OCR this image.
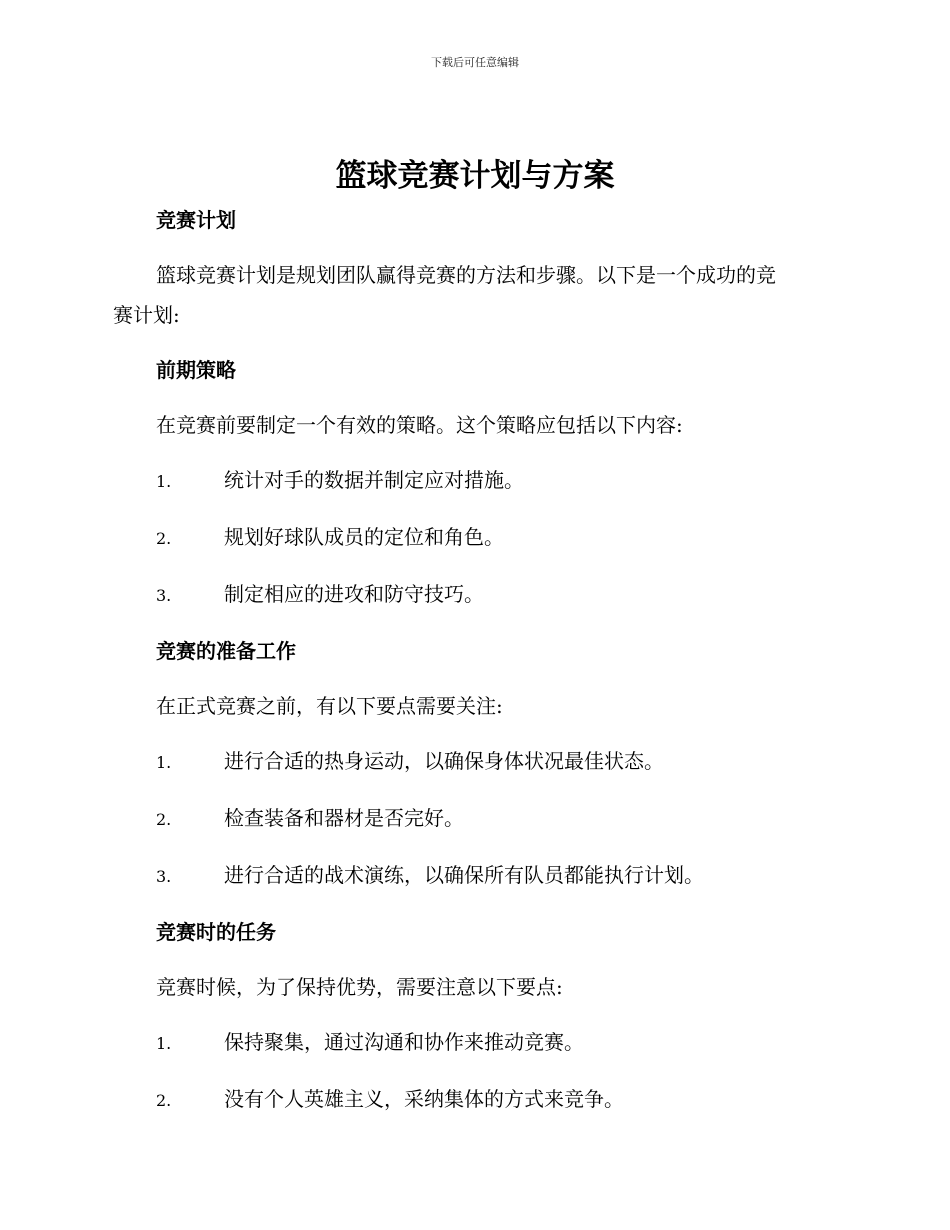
下载后可任意编辑
篮球竞赛计划与方案
竞赛计划
篮球竞赛计划是规划团队赢得竞赛的方法和步骤。以下是一个成功的竞
赛计划:
前期策略
在竞赛前要制定一个有效的策略。这个策略应包括以下内容:
1.	统计对手的数据并制定应对措施。
2.	规划好球队成员的定位和角色。
3.	制定相应的进攻和防守技巧。
竞赛的准备工作
在正式竞赛之前，有以下要点需要关注:
1.	进行合适的热身运动，以确保身体状况最佳状态。
2.	检查装备和器材是否完好。
3.	进行合适的战术演练，以确保所有队员都能执行计划。
竞赛时的任务
竞赛时候，为了保持优势，需要注意以下要点:
1.	保持聚集，通过沟通和协作来推动竞赛。
2.	没有个人英雄主义，采纳集体的方式来竞争。
